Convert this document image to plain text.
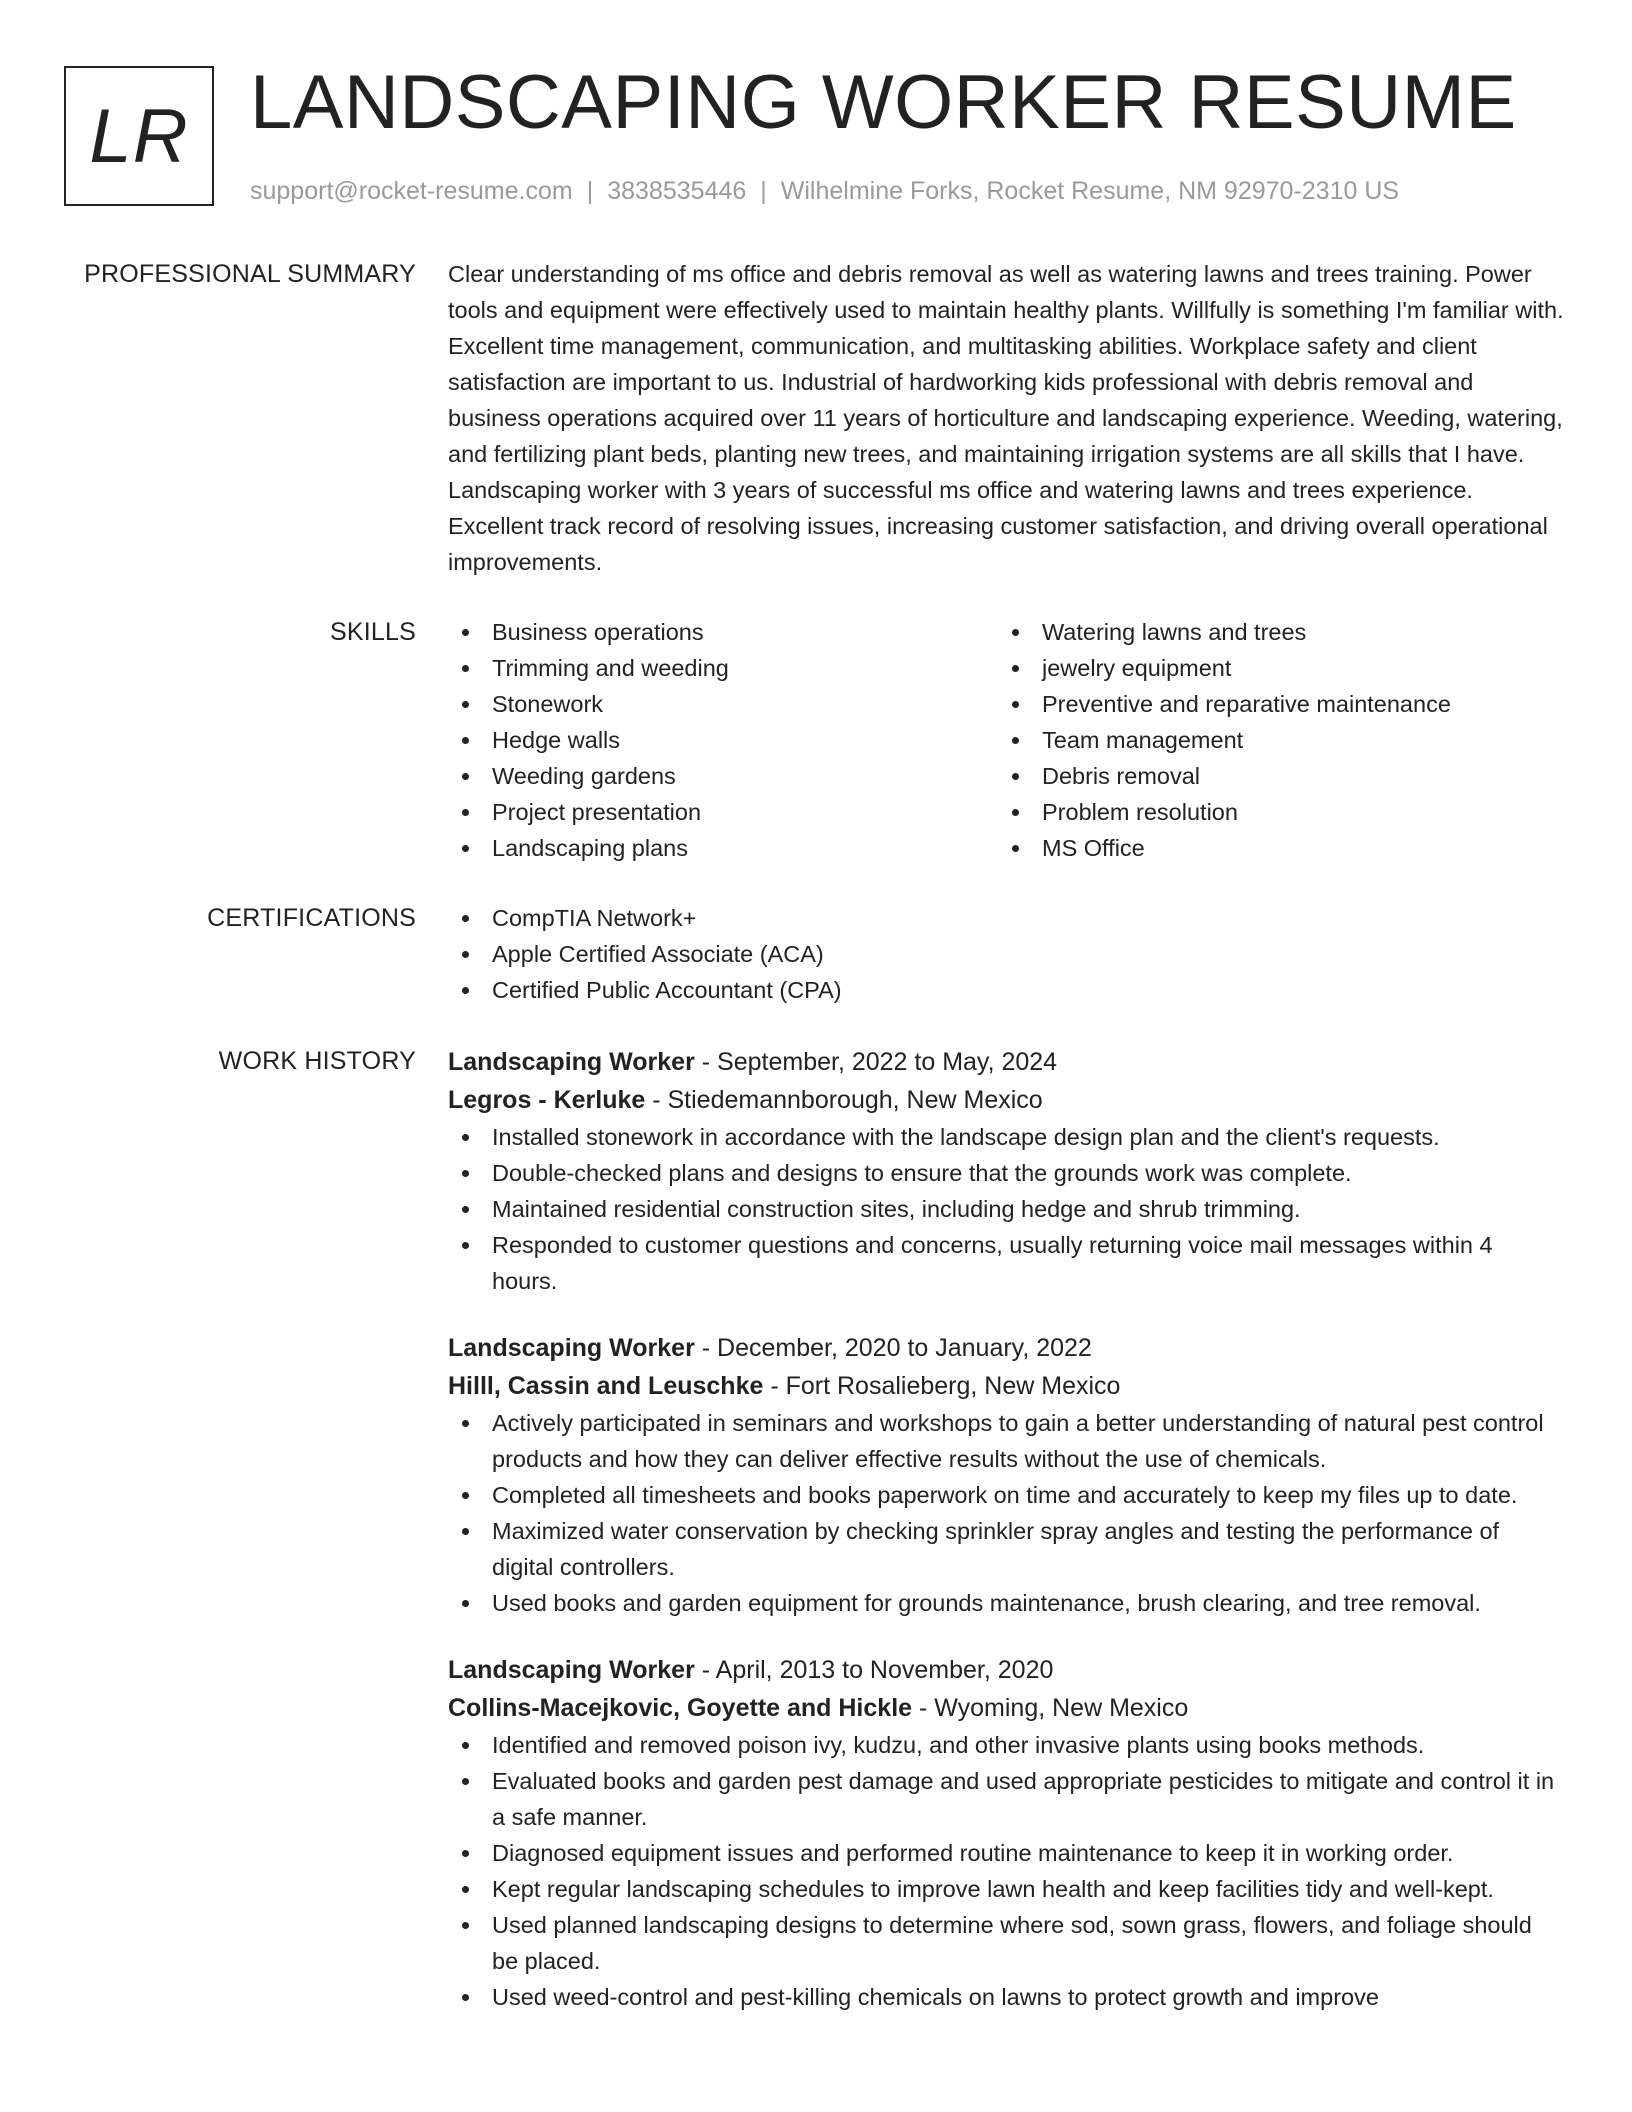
LR LANDSCAPING WORKER RESUME
support@rocket-resume.com | 3838535446 | Wilhelmine Forks, Rocket Resume, NM 92970-2310 US
PROFESSIONAL SUMMARY Clear understanding of ms office and debris removal as well as watering lawns and trees training. Power tools and equipment were effectively used to maintain healthy plants. Willfully is something I'm familiar with. Excellent time management, communication, and multitasking abilities. Workplace safety and client satisfaction are important to us. Industrial of hardworking kids professional with debris removal and business operations acquired over 11 years of horticulture and landscaping experience. Weeding, watering, and fertilizing plant beds, planting new trees, and maintaining irrigation systems are all skills that I have. Landscaping worker with 3 years of successful ms office and watering lawns and trees experience. Excellent track record of resolving issues, increasing customer satisfaction, and driving overall operational improvements.

SKILLS	Business operations
Trimming and weeding
Stonework
Hedge walls
Weeding gardens
Project presentation
Landscaping plans
Watering lawns and trees
jewelry equipment
Preventive and reparative maintenance
Team management
Debris removal
Problem resolution
MS Office
CERTIFICATIONS	CompTIA Network+
Apple Certified Associate (ACA)
Certified Public Accountant (CPA)
WORK HISTORY Landscaping Worker - September, 2022 to May, 2024
Legros - Kerluke - Stiedemannborough, New Mexico
Installed stonework in accordance with the landscape design plan and the client's requests.
Double-checked plans and designs to ensure that the grounds work was complete.
Maintained residential construction sites, including hedge and shrub trimming.
Responded to customer questions and concerns, usually returning voice mail messages within 4 hours.
Landscaping Worker - December, 2020 to January, 2022
Hilll, Cassin and Leuschke - Fort Rosalieberg, New Mexico
Actively participated in seminars and workshops to gain a better understanding of natural pest control products and how they can deliver effective results without the use of chemicals.
Completed all timesheets and books paperwork on time and accurately to keep my files up to date.
Maximized water conservation by checking sprinkler spray angles and testing the performance of digital controllers.
Used books and garden equipment for grounds maintenance, brush clearing, and tree removal.
Landscaping Worker - April, 2013 to November, 2020
Collins-Macejkovic, Goyette and Hickle - Wyoming, New Mexico
Identified and removed poison ivy, kudzu, and other invasive plants using books methods.
Evaluated books and garden pest damage and used appropriate pesticides to mitigate and control it in a safe manner.
Diagnosed equipment issues and performed routine maintenance to keep it in working order.
Kept regular landscaping schedules to improve lawn health and keep facilities tidy and well-kept.
Used planned landscaping designs to determine where sod, sown grass, flowers, and foliage should be placed.
Used weed-control and pest-killing chemicals on lawns to protect growth and improve
